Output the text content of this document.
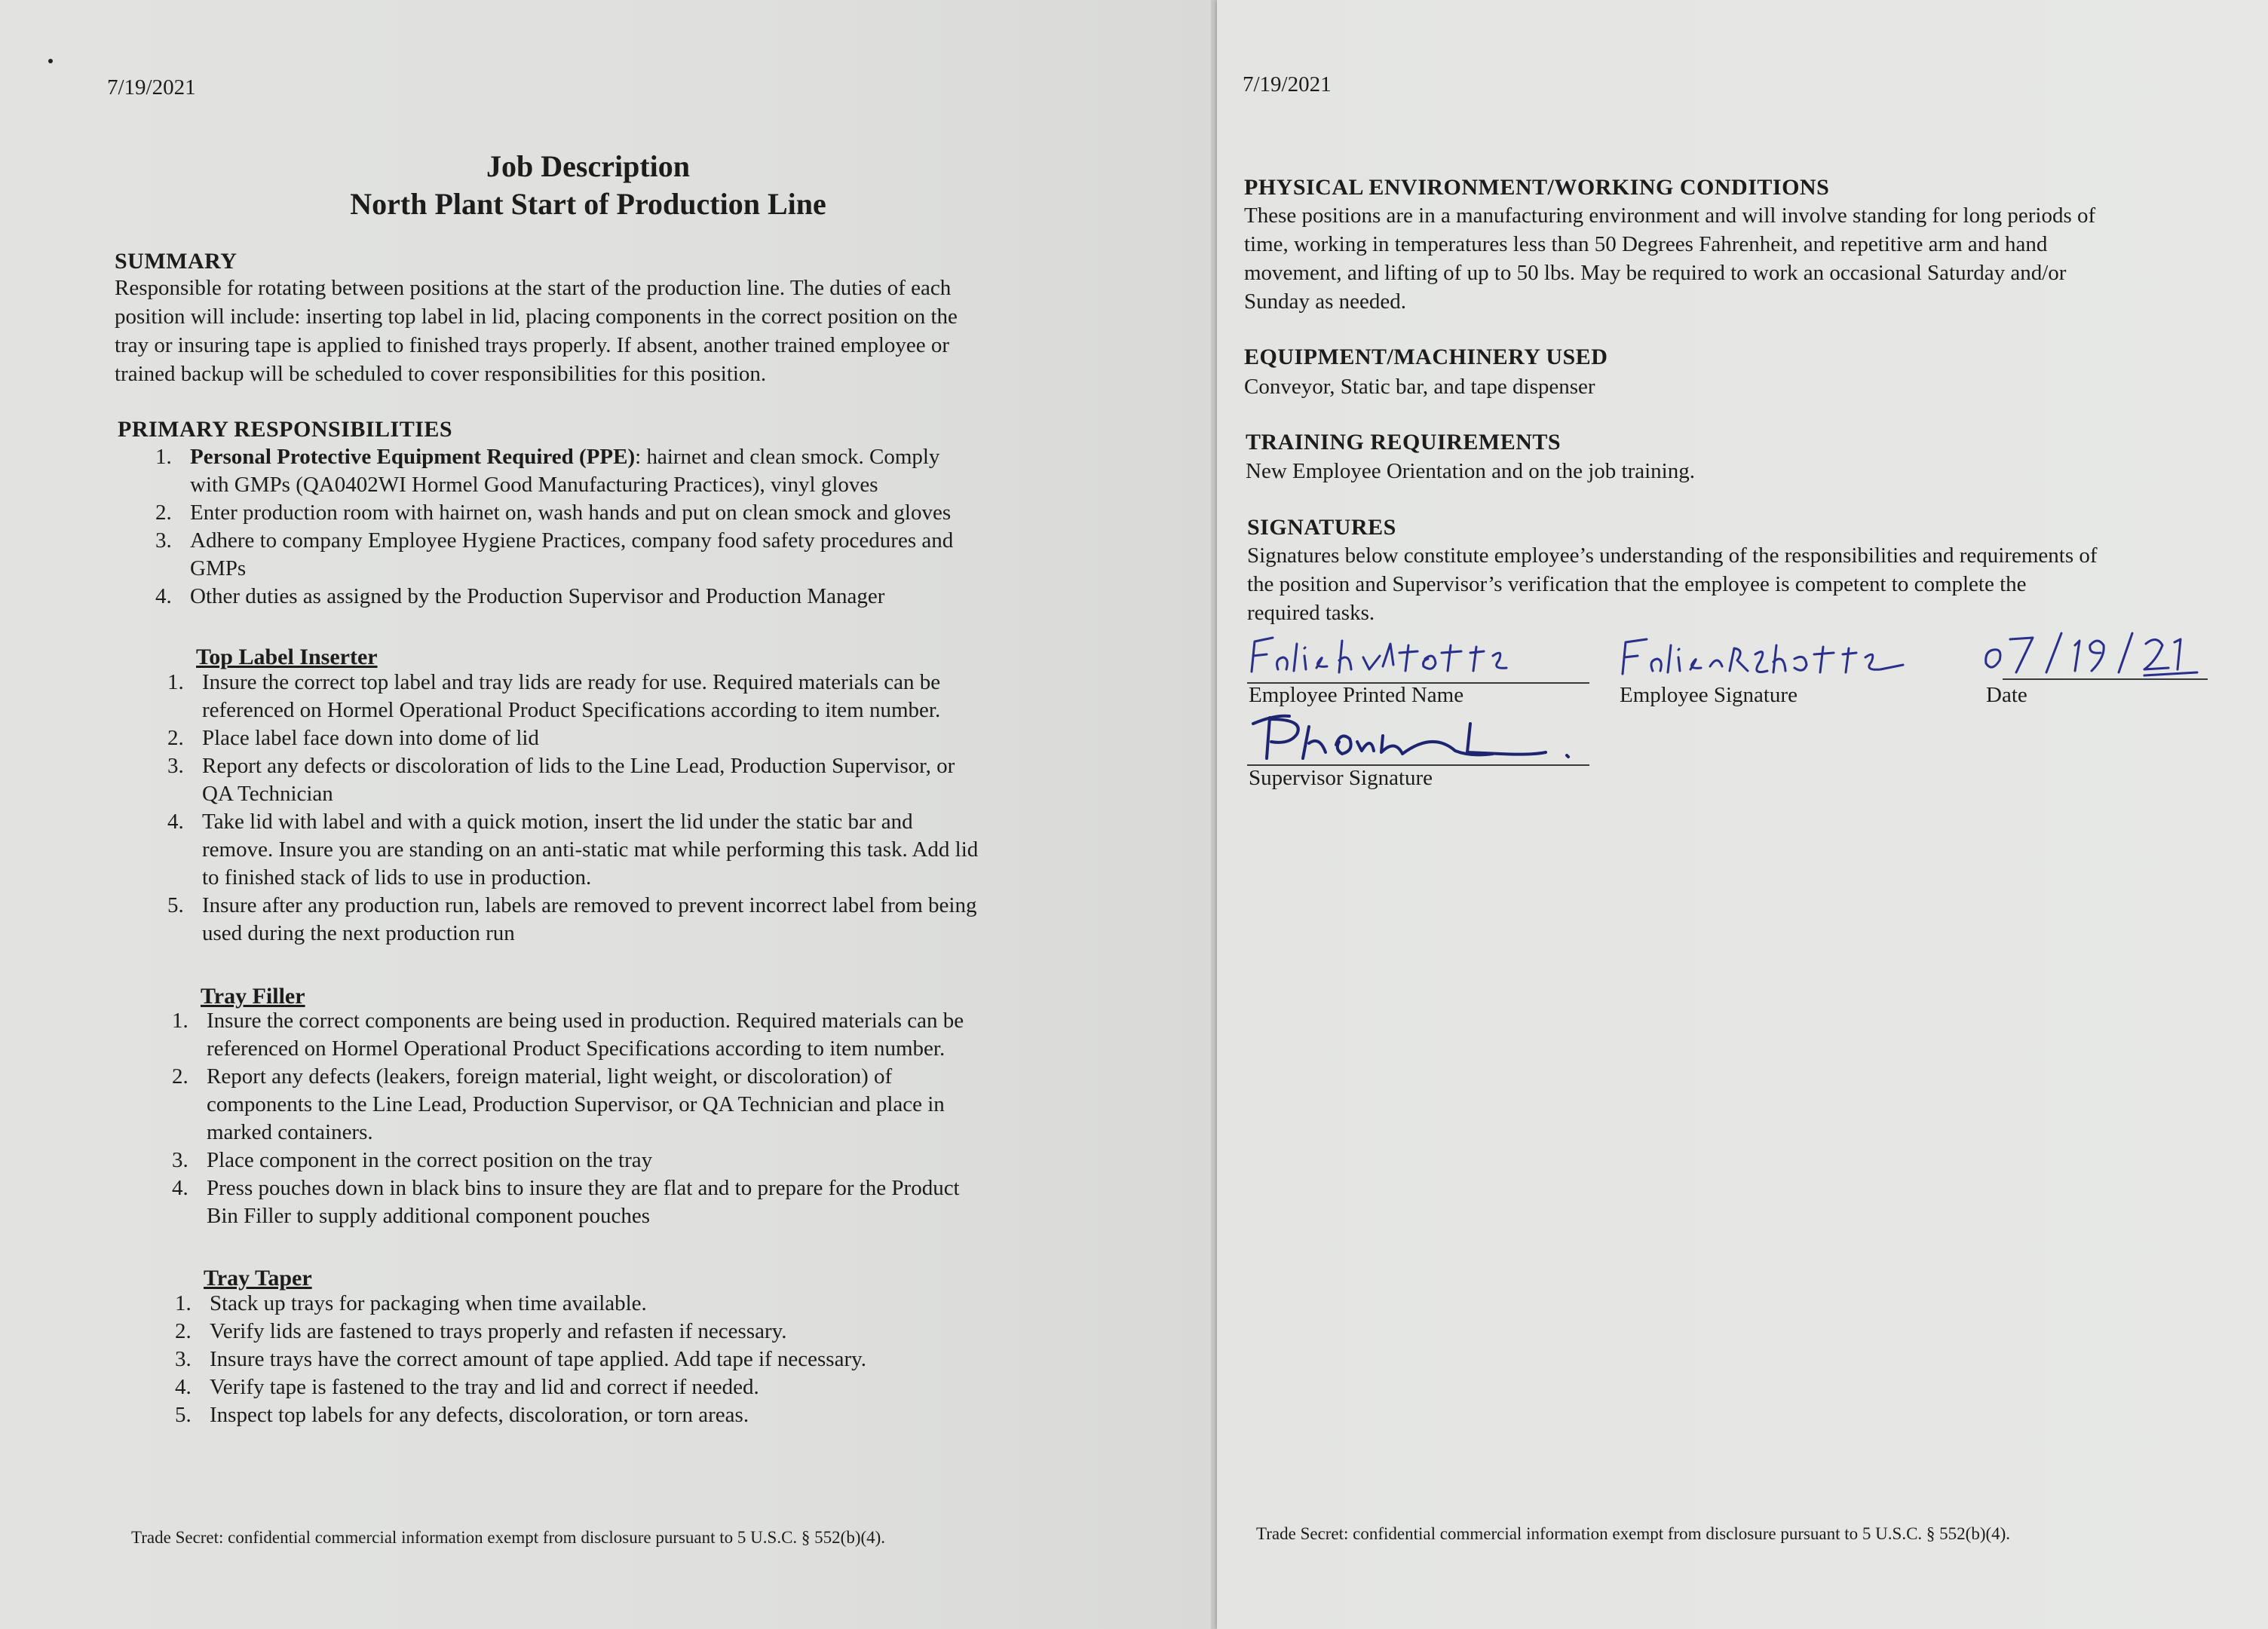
7/19/2021
Job Description
North Plant Start of Production Line
SUMMARY
Responsible for rotating between positions at the start of the production line. The duties of each
position will include: inserting top label in lid, placing components in the correct position on the
tray or insuring tape is applied to finished trays properly. If absent, another trained employee or
trained backup will be scheduled to cover responsibilities for this position.
PRIMARY RESPONSIBILITIES
1. Personal Protective Equipment Required (PPE): hairnet and clean smock. Comply
with GMPs (QA0402WI Hormel Good Manufacturing Practices), vinyl gloves
2. Enter production room with hairnet on, wash hands and put on clean smock and gloves
3. Adhere to company Employee Hygiene Practices, company food safety procedures and
GMPs
4. Other duties as assigned by the Production Supervisor and Production Manager
Top Label Inserter
1. Insure the correct top label and tray lids are ready for use. Required materials can be
referenced on Hormel Operational Product Specifications according to item number.
2. Place label face down into dome of lid
3. Report any defects or discoloration of lids to the Line Lead, Production Supervisor, or
QA Technician
4. Take lid with label and with a quick motion, insert the lid under the static bar and
remove. Insure you are standing on an anti-static mat while performing this task. Add lid
to finished stack of lids to use in production.
5. Insure after any production run, labels are removed to prevent incorrect label from being
used during the next production run
Tray Filler
1. Insure the correct components are being used in production. Required materials can be
referenced on Hormel Operational Product Specifications according to item number.
2. Report any defects (leakers, foreign material, light weight, or discoloration) of
components to the Line Lead, Production Supervisor, or QA Technician and place in
marked containers.
3. Place component in the correct position on the tray
4. Press pouches down in black bins to insure they are flat and to prepare for the Product
Bin Filler to supply additional component pouches
Tray Taper
1. Stack up trays for packaging when time available.
2. Verify lids are fastened to trays properly and refasten if necessary.
3. Insure trays have the correct amount of tape applied. Add tape if necessary.
4. Verify tape is fastened to the tray and lid and correct if needed.
5. Inspect top labels for any defects, discoloration, or torn areas.
Trade Secret: confidential commercial information exempt from disclosure pursuant to 5 U.S.C. § 552(b)(4).
7/19/2021
PHYSICAL ENVIRONMENT/WORKING CONDITIONS
These positions are in a manufacturing environment and will involve standing for long periods of
time, working in temperatures less than 50 Degrees Fahrenheit, and repetitive arm and hand
movement, and lifting of up to 50 lbs. May be required to work an occasional Saturday and/or
Sunday as needed.
EQUIPMENT/MACHINERY USED
Conveyor, Static bar, and tape dispenser
TRAINING REQUIREMENTS
New Employee Orientation and on the job training.
SIGNATURES
Signatures below constitute employee’s understanding of the responsibilities and requirements of
the position and Supervisor’s verification that the employee is competent to complete the
required tasks.
Employee Printed Name	Employee Signature	Date
Supervisor Signature
Trade Secret: confidential commercial information exempt from disclosure pursuant to 5 U.S.C. § 552(b)(4).
